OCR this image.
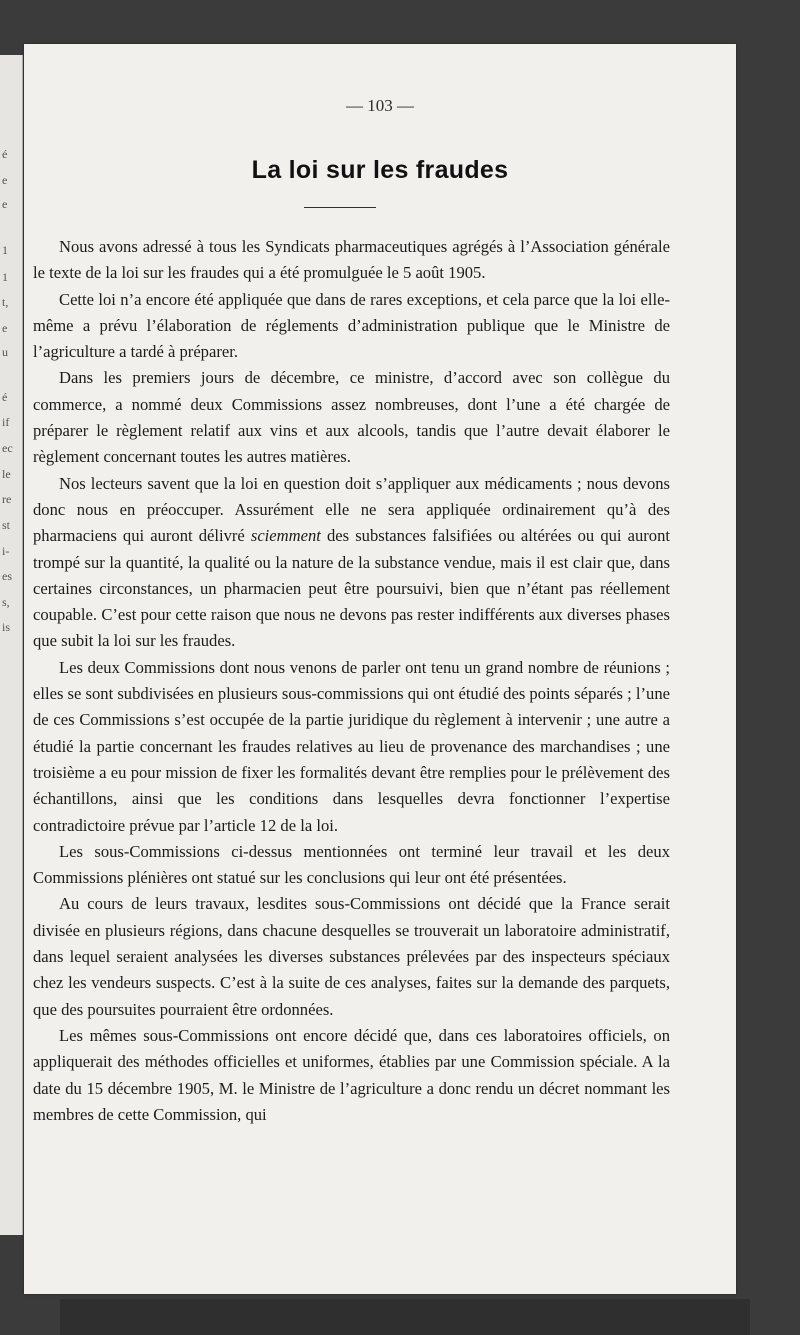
é
e
e
1
1
t,
e
u
é
if
ec
le
re
st
i-
es
s,
is
— 103 —
La loi sur les fraudes

Nous avons adressé à tous les Syndicats pharmaceutiques agrégés à l’Association générale le texte de la loi sur les fraudes qui a été promulguée le 5 août 1905.

Cette loi n’a encore été appliquée que dans de rares exceptions, et cela parce que la loi elle-même a prévu l’élaboration de réglements d’administration publique que le Ministre de l’agriculture a tardé à préparer.

Dans les premiers jours de décembre, ce ministre, d’accord avec son collègue du commerce, a nommé deux Commissions assez nombreuses, dont l’une a été chargée de préparer le règlement relatif aux vins et aux alcools, tandis que l’autre devait élaborer le règlement concernant toutes les autres matières.

Nos lecteurs savent que la loi en question doit s’appliquer aux médicaments ; nous devons donc nous en préoccuper. Assurément elle ne sera appliquée ordinairement qu’à des pharmaciens qui auront délivré sciemment des substances falsifiées ou altérées ou qui auront trompé sur la quantité, la qualité ou la nature de la substance vendue, mais il est clair que, dans certaines circonstances, un pharmacien peut être poursuivi, bien que n’étant pas réellement coupable. C’est pour cette raison que nous ne devons pas rester indifférents aux diverses phases que subit la loi sur les fraudes.

Les deux Commissions dont nous venons de parler ont tenu un grand nombre de réunions ; elles se sont subdivisées en plusieurs sous-commissions qui ont étudié des points séparés ; l’une de ces Commissions s’est occupée de la partie juridique du règlement à intervenir ; une autre a étudié la partie concernant les fraudes relatives au lieu de provenance des marchandises ; une troisième a eu pour mission de fixer les formalités devant être remplies pour le prélèvement des échantillons, ainsi que les conditions dans lesquelles devra fonctionner l’expertise contradictoire prévue par l’article 12 de la loi.

Les sous-Commissions ci-dessus mentionnées ont terminé leur travail et les deux Commissions plénières ont statué sur les conclusions qui leur ont été présentées.

Au cours de leurs travaux, lesdites sous-Commissions ont décidé que la France serait divisée en plusieurs régions, dans chacune desquelles se trouverait un laboratoire administratif, dans lequel seraient analysées les diverses substances prélevées par des inspecteurs spéciaux chez les vendeurs suspects. C’est à la suite de ces analyses, faites sur la demande des parquets, que des poursuites pourraient être ordonnées.

Les mêmes sous-Commissions ont encore décidé que, dans ces laboratoires officiels, on appliquerait des méthodes officielles et uniformes, établies par une Commission spéciale. A la date du 15 décembre 1905, M. le Ministre de l’agriculture a donc rendu un décret nommant les membres de cette Commission, qui
